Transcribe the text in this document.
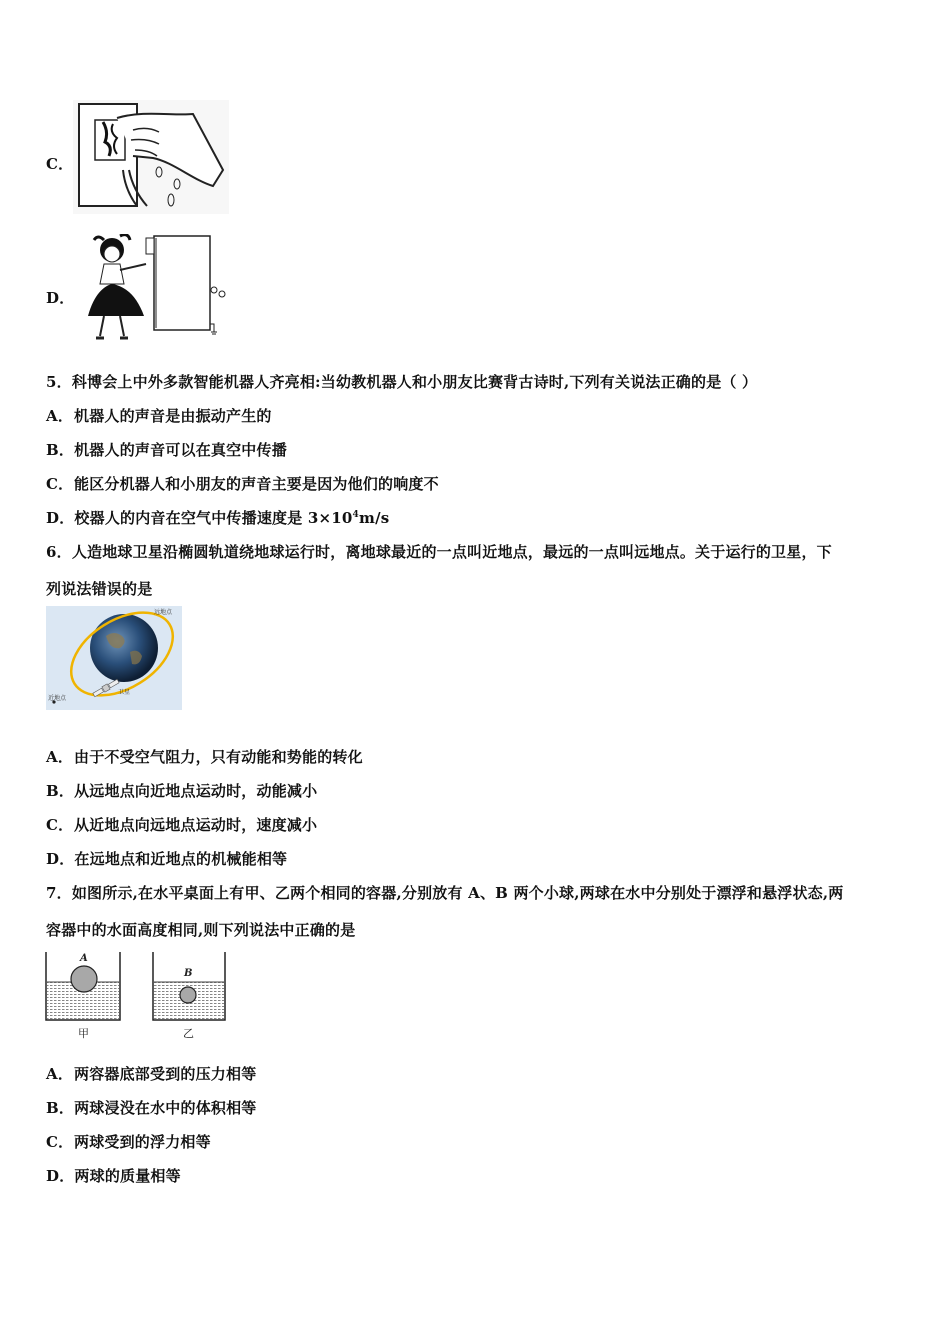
C．
D．
5．科博会上中外多款智能机器人齐亮相:当幼教机器人和小朋友比赛背古诗时,下列有关说法正确的是（ ）
A．机器人的声音是由振动产生的
B．机器人的声音可以在真空中传播
C．能区分机器人和小朋友的声音主要是因为他们的响度不
D．校器人的内音在空气中传播速度是 $3\times 10^4m/s$
6．人造地球卫星沿椭圆轨道绕地球运行时，离地球最近的一点叫近地点，最远的一点叫远地点。关于运行的卫星，下
列说法错误的是
远地点
近地点
卫星
A．由于不受空气阻力，只有动能和势能的转化
B．从远地点向近地点运动时，动能减小
C．从近地点向远地点运动时，速度减小
D．在远地点和近地点的机械能相等
7．如图所示,在水平桌面上有甲、乙两个相同的容器,分别放有 A、B 两个小球,两球在水中分别处于漂浮和悬浮状态,两
容器中的水面高度相同,则下列说法中正确的是
A
甲
B
乙
A．两容器底部受到的压力相等
B．两球浸没在水中的体积相等
C．两球受到的浮力相等
D．两球的质量相等
